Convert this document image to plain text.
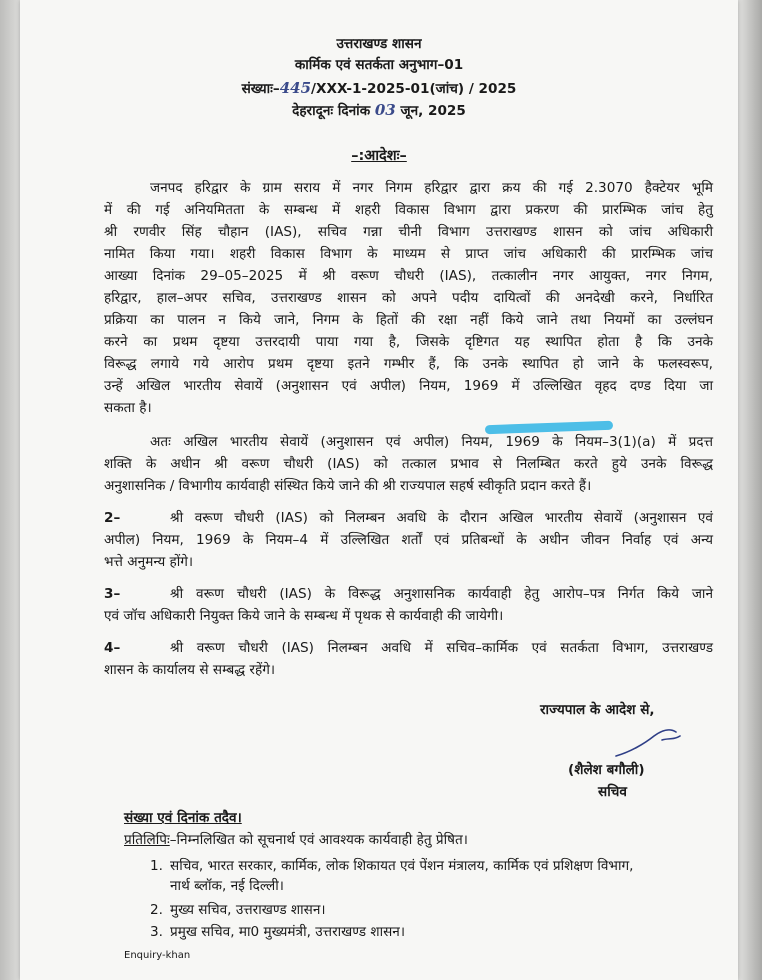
उत्तराखण्ड शासन
कार्मिक एवं सतर्कता अनुभाग–01
संख्याः–445/XXX-1-2025-01(जांच) / 2025
देहरादूनः दिनांक 03 जून, 2025
–:आदेशः–
जनपद हरिद्वार के ग्राम सराय में नगर निगम हरिद्वार द्वारा क्रय की गई 2.3070 हैक्टेयर भूमि
में की गई अनियमितता के सम्बन्ध में शहरी विकास विभाग द्वारा प्रकरण की प्रारम्भिक जांच हेतु
श्री रणवीर सिंह चौहान (IAS), सचिव गन्ना चीनी विभाग उत्तराखण्ड शासन को जांच अधिकारी
नामित किया गया। शहरी विकास विभाग के माध्यम से प्राप्त जांच अधिकारी की प्रारम्भिक जांच
आख्या दिनांक 29–05–2025 में श्री वरूण चौधरी (IAS), तत्कालीन नगर आयुक्त, नगर निगम,
हरिद्वार, हाल–अपर सचिव, उत्तराखण्ड शासन को अपने पदीय दायित्वों की अनदेखी करने, निर्धारित
प्रक्रिया का पालन न किये जाने, निगम के हितों की रक्षा नहीं किये जाने तथा नियमों का उल्लंघन
करने का प्रथम दृष्टया उत्तरदायी पाया गया है, जिसके दृष्टिगत यह स्थापित होता है कि उनके
विरूद्ध लगाये गये आरोप प्रथम दृष्टया इतने गम्भीर हैं, कि उनके स्थापित हो जाने के फलस्वरूप,
उन्हें अखिल भारतीय सेवायें (अनुशासन एवं अपील) नियम, 1969 में उल्लिखित वृहद दण्ड दिया जा
सकता है।
अतः अखिल भारतीय सेवायें (अनुशासन एवं अपील) नियम, 1969 के नियम–3(1)(a) में प्रदत्त
शक्ति के अधीन श्री वरूण चौधरी (IAS) को तत्काल प्रभाव से निलम्बित करते हुये उनके विरूद्ध
अनुशासनिक / विभागीय कार्यवाही संस्थित किये जाने की श्री राज्यपाल सहर्ष स्वीकृति प्रदान करते हैं।
2–	श्री वरूण चौधरी (IAS) को निलम्बन अवधि के दौरान अखिल भारतीय सेवायें (अनुशासन एवं
अपील) नियम, 1969 के नियम–4 में उल्लिखित शर्तों एवं प्रतिबन्धों के अधीन जीवन निर्वाह एवं अन्य
भत्ते अनुमन्य होंगे।
3–	श्री वरूण चौधरी (IAS) के विरूद्ध अनुशासनिक कार्यवाही हेतु आरोप–पत्र निर्गत किये जाने
एवं जॉच अधिकारी नियुक्त किये जाने के सम्बन्ध में पृथक से कार्यवाही की जायेगी।
4–	श्री वरूण चौधरी (IAS) निलम्बन अवधि में सचिव–कार्मिक एवं सतर्कता विभाग, उत्तराखण्ड
शासन के कार्यालय से सम्बद्ध रहेंगे।
राज्यपाल के आदेश से,
(शैलेश बगौली)
सचिव
संख्या एवं दिनांक तदैव।
प्रतिलिपिः–निम्नलिखित को सूचनार्थ एवं आवश्यक कार्यवाही हेतु प्रेषित।
1. सचिव, भारत सरकार, कार्मिक, लोक शिकायत एवं पेंशन मंत्रालय, कार्मिक एवं प्रशिक्षण विभाग,
नार्थ ब्लॉक, नई दिल्ली।
2. मुख्य सचिव, उत्तराखण्ड शासन।
3. प्रमुख सचिव, मा0 मुख्यमंत्री, उत्तराखण्ड शासन।
Enquiry-khan
